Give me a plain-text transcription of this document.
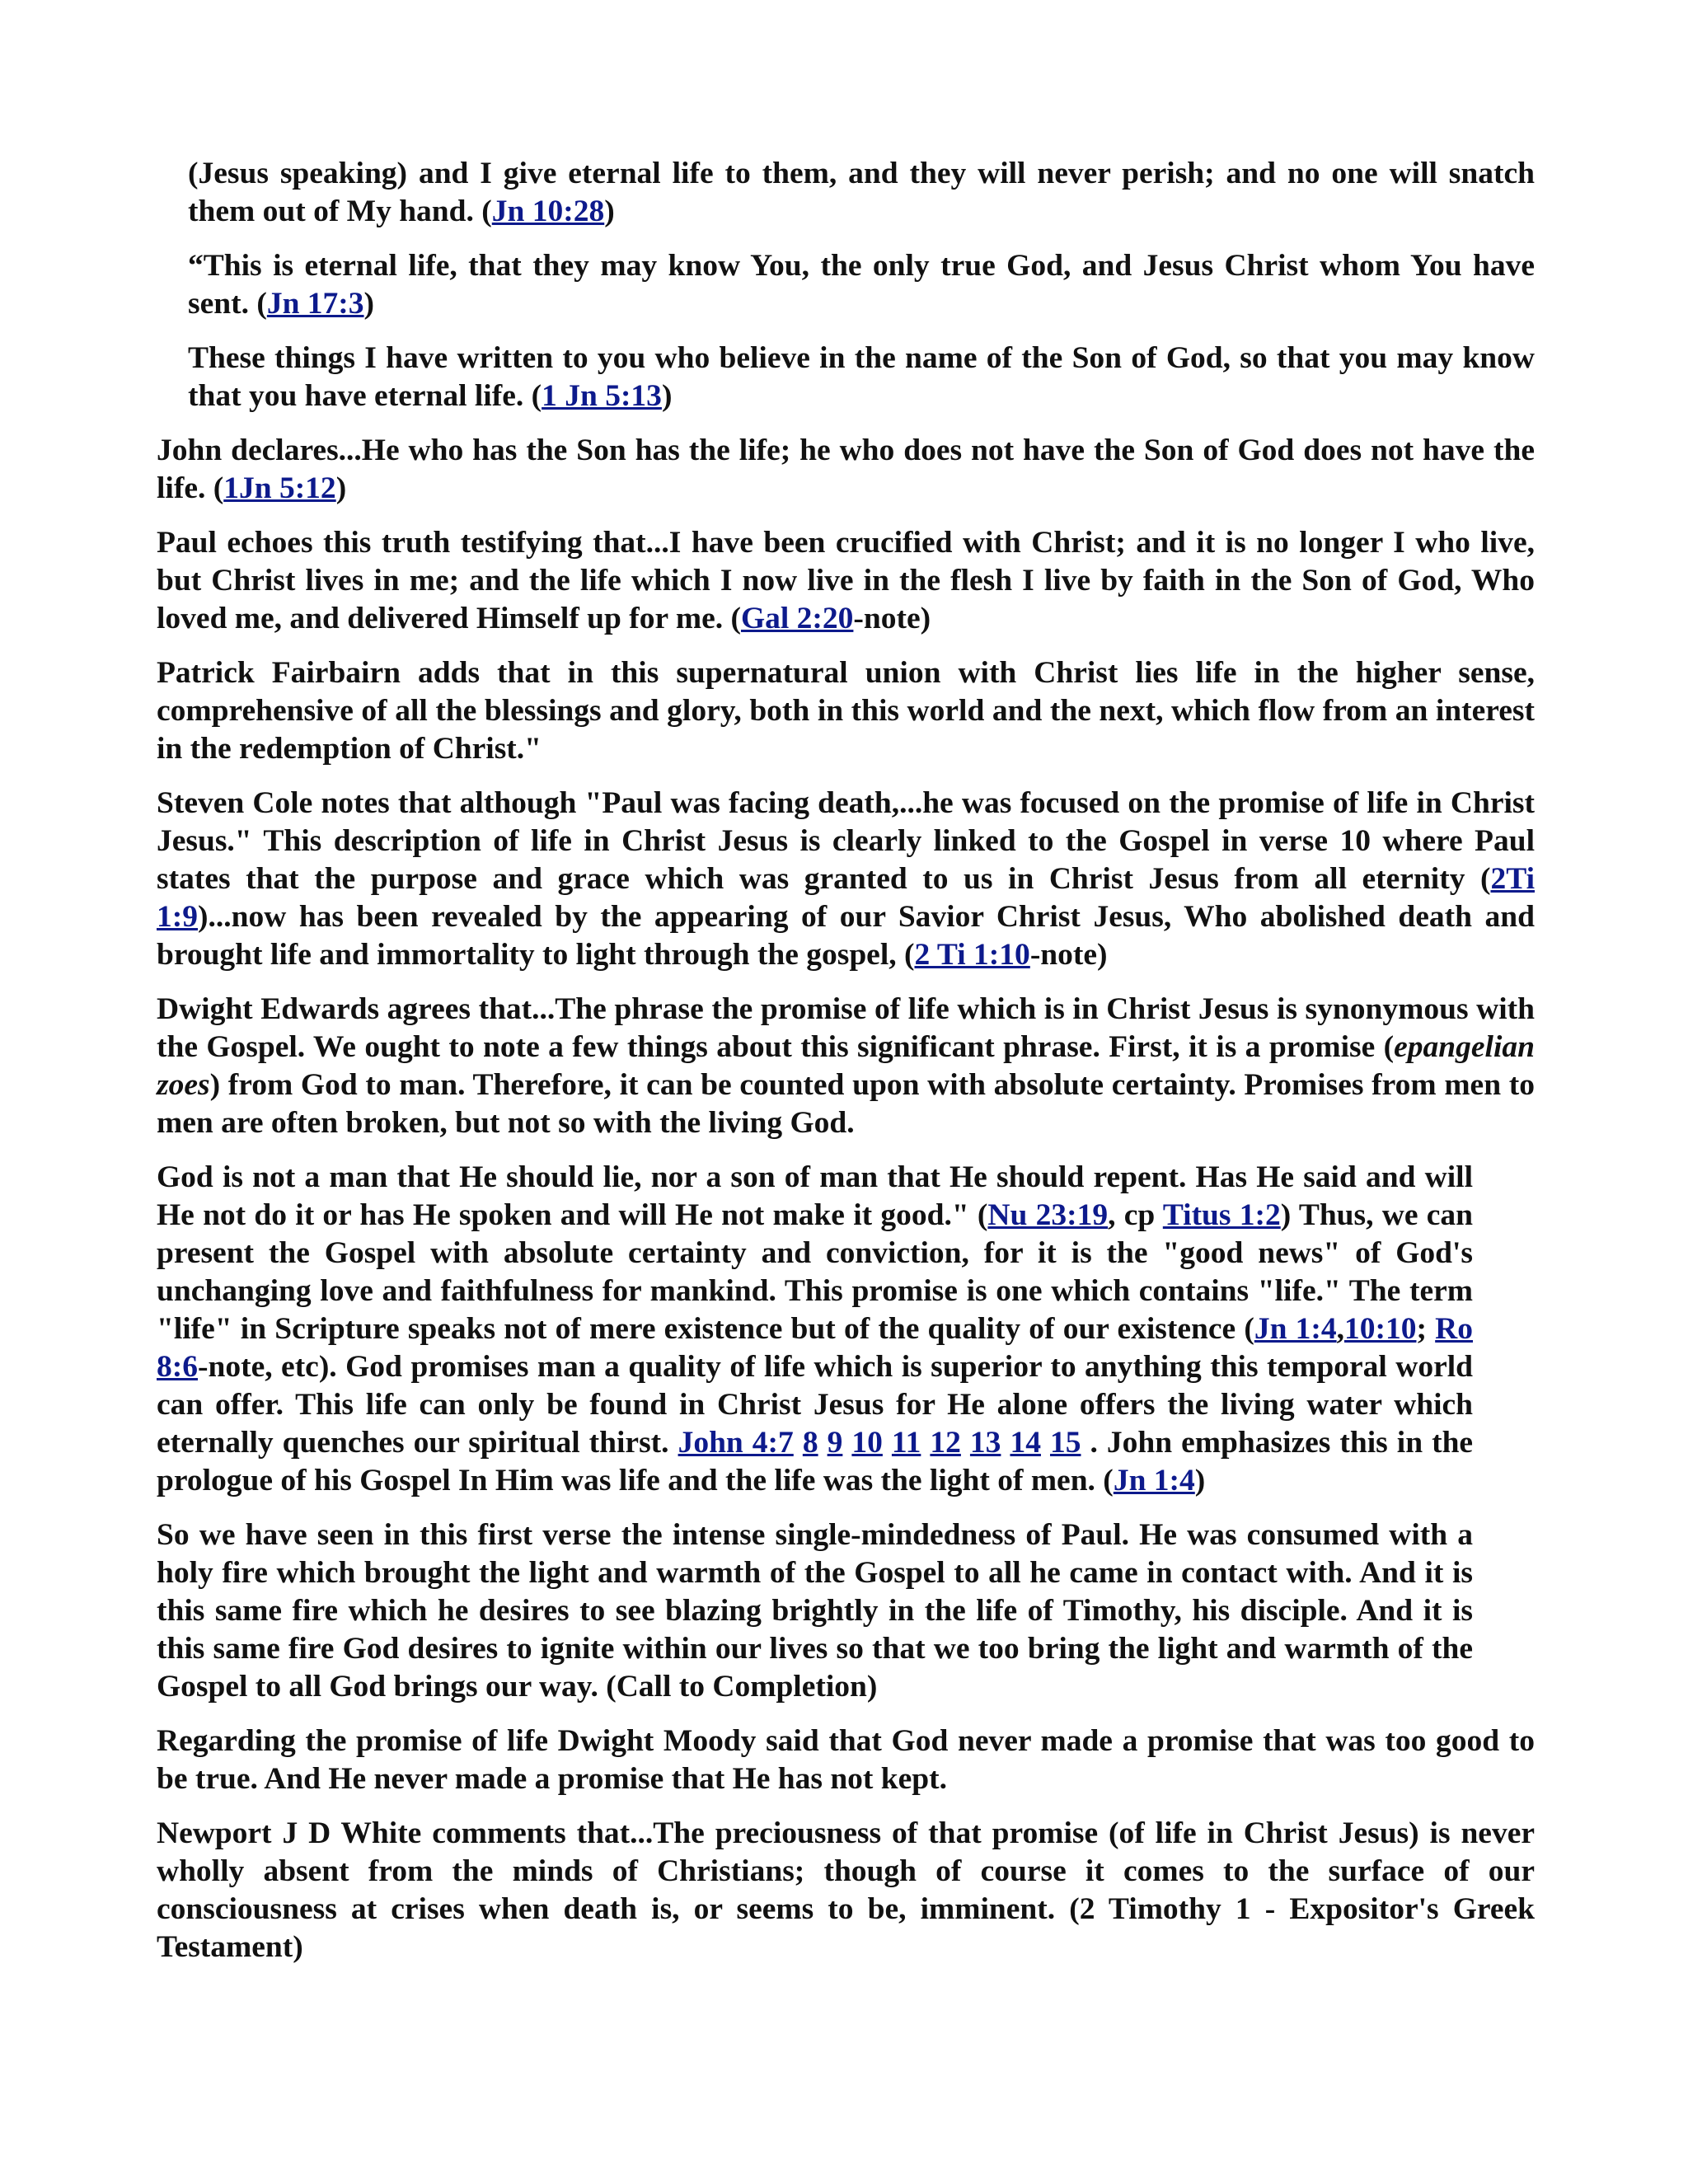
(Jesus speaking) and I give eternal life to them, and they will never perish; and no one will snatch them out of My hand. (Jn 10:28)

“This is eternal life, that they may know You, the only true God, and Jesus Christ whom You have sent. (Jn 17:3)

These things I have written to you who believe in the name of the Son of God, so that you may know that you have eternal life. (1 Jn 5:13)

John declares...He who has the Son has the life; he who does not have the Son of God does not have the life. (1Jn 5:12)

Paul echoes this truth testifying that...I have been crucified with Christ; and it is no longer I who live, but Christ lives in me; and the life which I now live in the flesh I live by faith in the Son of God, Who loved me, and delivered Himself up for me. (Gal 2:20-note)

Patrick Fairbairn adds that in this supernatural union with Christ lies life in the higher sense, comprehensive of all the blessings and glory, both in this world and the next, which flow from an interest in the redemption of Christ."

Steven Cole notes that although "Paul was facing death,...he was focused on the promise of life in Christ Jesus." This description of life in Christ Jesus is clearly linked to the Gospel in verse 10 where Paul states that the purpose and grace which was granted to us in Christ Jesus from all eternity (2Ti 1:9)...now has been revealed by the appearing of our Savior Christ Jesus, Who abolished death and brought life and immortality to light through the gospel, (2 Ti 1:10-note)

Dwight Edwards agrees that...The phrase the promise of life which is in Christ Jesus is synonymous with the Gospel. We ought to note a few things about this significant phrase. First, it is a promise (epangelian zoes) from God to man. Therefore, it can be counted upon with absolute certainty. Promises from men to men are often broken, but not so with the living God.

God is not a man that He should lie, nor a son of man that He should repent. Has He said and will He not do it or has He spoken and will He not make it good." (Nu 23:19, cp Titus 1:2) Thus, we can present the Gospel with absolute certainty and conviction, for it is the "good news" of God's unchanging love and faithfulness for mankind. This promise is one which contains "life." The term "life" in Scripture speaks not of mere existence but of the quality of our existence (Jn 1:4,10:10; Ro 8:6-note, etc). God promises man a quality of life which is superior to anything this temporal world can offer. This life can only be found in Christ Jesus for He alone offers the living water which eternally quenches our spiritual thirst. John 4:7 8 9 10 11 12 13 14 15 . John emphasizes this in the prologue of his Gospel In Him was life and the life was the light of men. (Jn 1:4)

So we have seen in this first verse the intense single-mindedness of Paul. He was consumed with a holy fire which brought the light and warmth of the Gospel to all he came in contact with. And it is this same fire which he desires to see blazing brightly in the life of Timothy, his disciple. And it is this same fire God desires to ignite within our lives so that we too bring the light and warmth of the Gospel to all God brings our way. (Call to Completion)

Regarding the promise of life Dwight Moody said that God never made a promise that was too good to be true. And He never made a promise that He has not kept.

Newport J D White comments that...The preciousness of that promise (of life in Christ Jesus) is never wholly absent from the minds of Christians; though of course it comes to the surface of our consciousness at crises when death is, or seems to be, imminent. (2 Timothy 1 - Expositor's Greek Testament)
